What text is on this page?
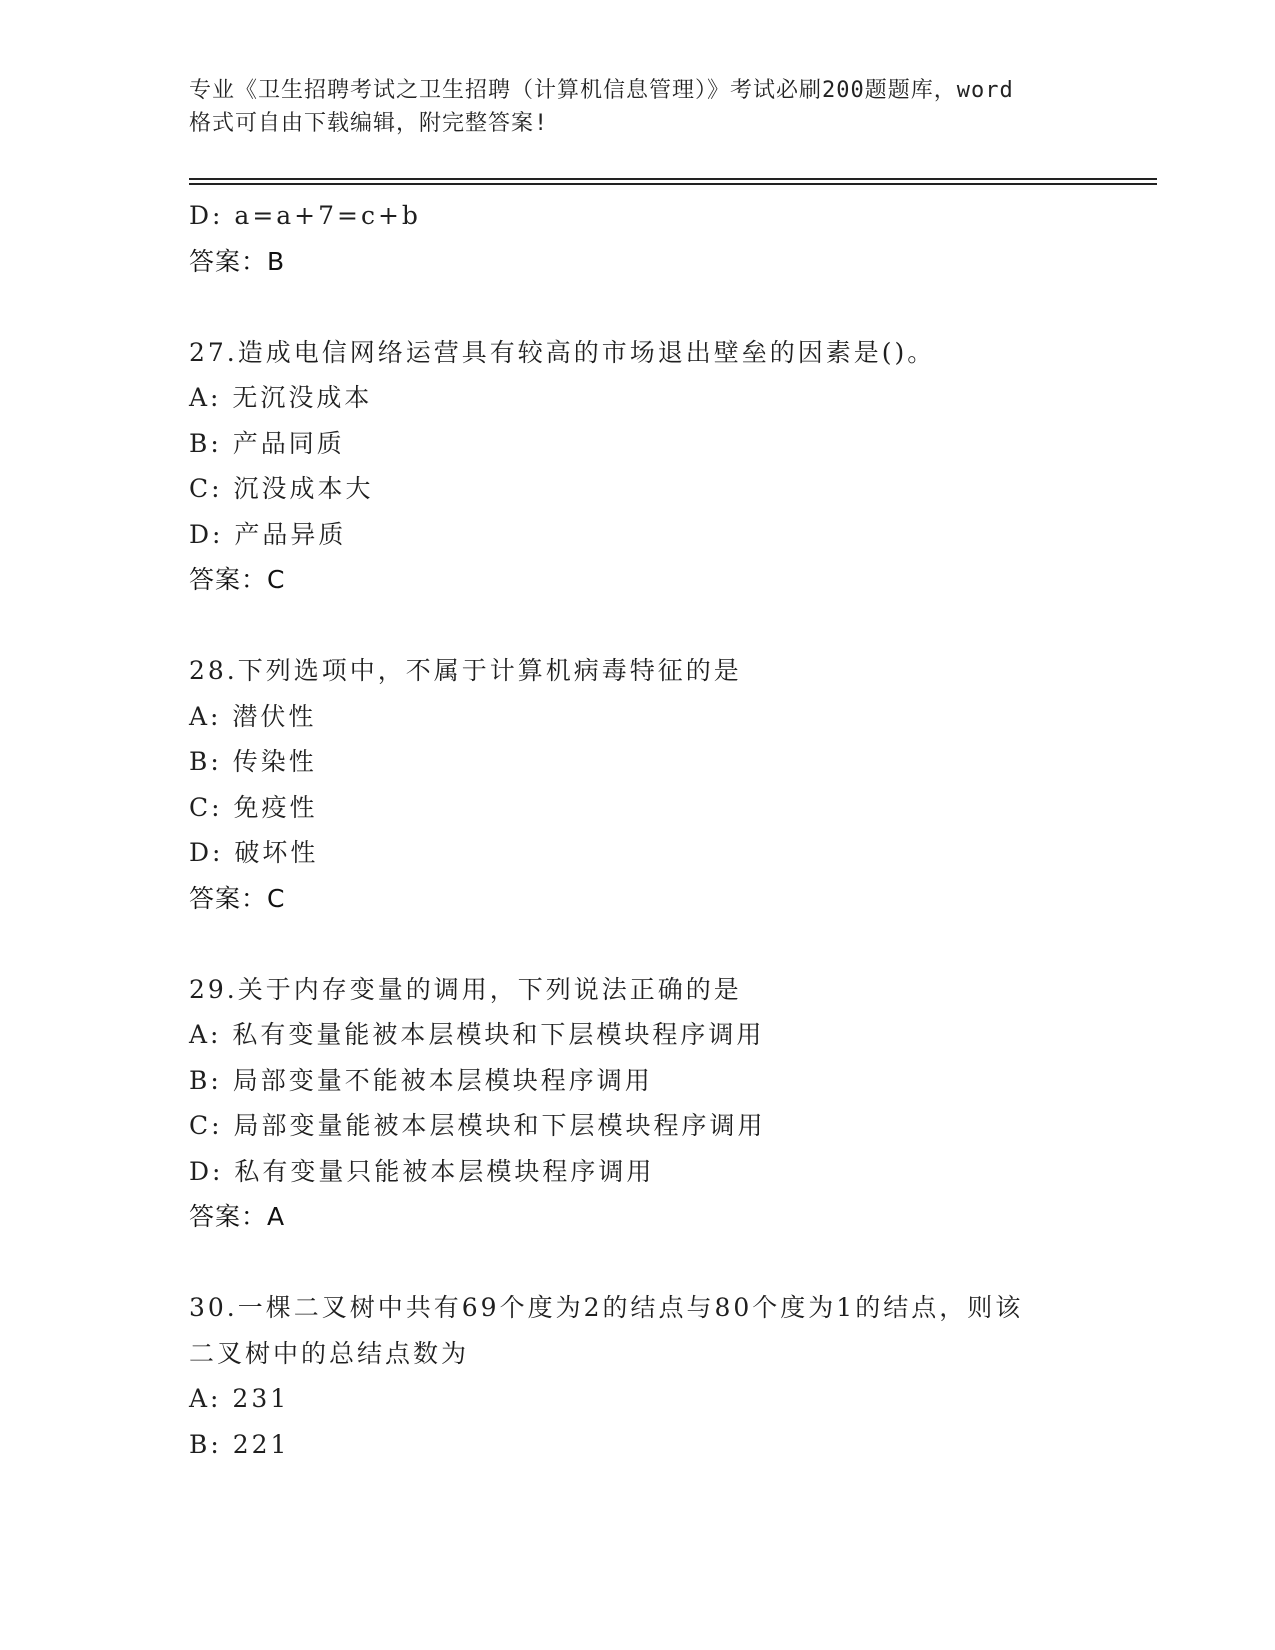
专业《卫生招聘考试之卫生招聘（计算机信息管理）》考试必刷200题题库，word
格式可自由下载编辑，附完整答案!
D: a=a+7=c+b
答案：B
27.造成电信网络运营具有较高的市场退出壁垒的因素是()。
A: 无沉没成本
B: 产品同质
C: 沉没成本大
D: 产品异质
答案：C
28.下列选项中，不属于计算机病毒特征的是
A: 潜伏性
B: 传染性
C: 免疫性
D: 破坏性
答案：C
29.关于内存变量的调用，下列说法正确的是
A: 私有变量能被本层模块和下层模块程序调用
B: 局部变量不能被本层模块程序调用
C: 局部变量能被本层模块和下层模块程序调用
D: 私有变量只能被本层模块程序调用
答案：A
30.一棵二叉树中共有69个度为2的结点与80个度为1的结点，则该
二叉树中的总结点数为
A: 231
B: 221
